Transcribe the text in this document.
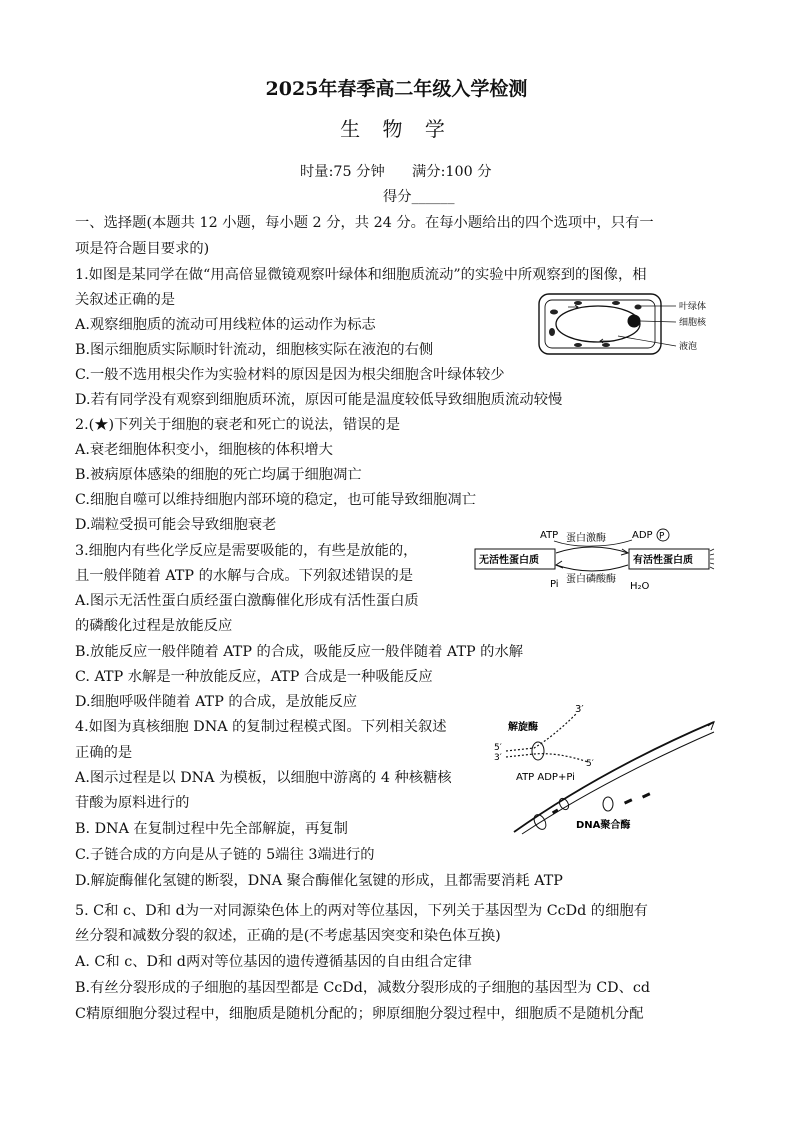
2025年春季高二年级入学检测
生 物 学
时量:75 分钟 满分:100 分
得分______
一、选择题(本题共 12 小题，每小题 2 分，共 24 分。在每小题给出的四个选项中，只有一
项是符合题目要求的)
1.如图是某同学在做“用高倍显微镜观察叶绿体和细胞质流动”的实验中所观察到的图像，相
关叙述正确的是
A.观察细胞质的流动可用线粒体的运动作为标志
B.图示细胞质实际顺时针流动，细胞核实际在液泡的右侧
C.一般不选用根尖作为实验材料的原因是因为根尖细胞含叶绿体较少
D.若有同学没有观察到细胞质环流，原因可能是温度较低导致细胞质流动较慢
叶绿体
细胞核
液泡
2.(★)下列关于细胞的衰老和死亡的说法，错误的是
A.衰老细胞体积变小，细胞核的体积增大
B.被病原体感染的细胞的死亡均属于细胞凋亡
C.细胞自噬可以维持细胞内部环境的稳定，也可能导致细胞凋亡
D.端粒受损可能会导致细胞衰老
3.细胞内有些化学反应是需要吸能的，有些是放能的，
且一般伴随着 ATP 的水解与合成。下列叙述错误的是
A.图示无活性蛋白质经蛋白激酶催化形成有活性蛋白质
的磷酸化过程是放能反应
B.放能反应一般伴随着 ATP 的合成，吸能反应一般伴随着 ATP 的水解
C. ATP 水解是一种放能反应，ATP 合成是一种吸能反应
D.细胞呼吸伴随着 ATP 的合成，是放能反应
ATP 蛋白激酶	ADP P
无活性蛋白质	有活性蛋白质
蛋白磷酸酶
Pi	H₂O
4.如图为真核细胞 DNA 的复制过程模式图。下列相关叙述
正确的是
A.图示过程是以 DNA 为模板，以细胞中游离的 4 种核糖核
苷酸为原料进行的
B. DNA 在复制过程中先全部解旋，再复制
C.子链合成的方向是从子链的 5端往 3端进行的
D.解旋酶催化氢键的断裂，DNA 聚合酶催化氢键的形成，且都需要消耗 ATP
3′
解旋酶
5′
3′
5′
ATP ADP+Pi
DNA聚合酶
5. C和 c、D和 d为一对同源染色体上的两对等位基因，下列关于基因型为 CcDd 的细胞有
丝分裂和减数分裂的叙述，正确的是(不考虑基因突变和染色体互换)
A. C和 c、D和 d两对等位基因的遗传遵循基因的自由组合定律
B.有丝分裂形成的子细胞的基因型都是 CcDd，减数分裂形成的子细胞的基因型为 CD、cd
C精原细胞分裂过程中，细胞质是随机分配的；卵原细胞分裂过程中，细胞质不是随机分配
